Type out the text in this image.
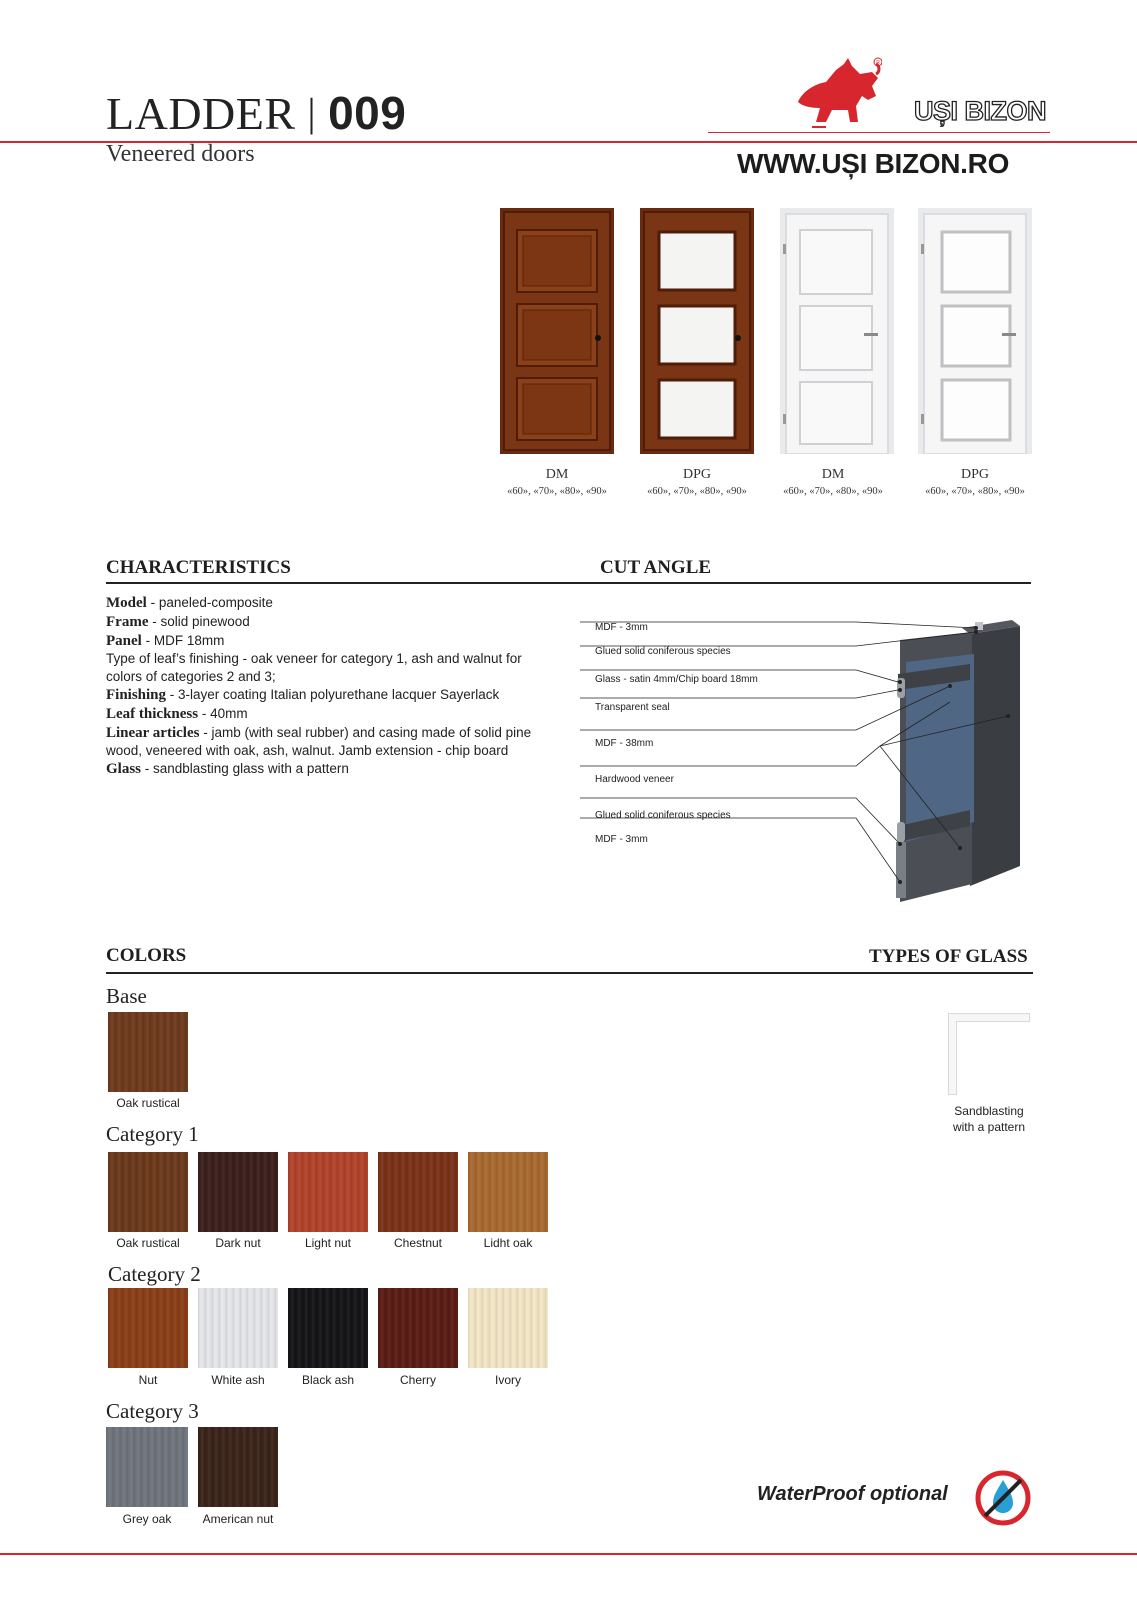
LADDER | 009
Veneered doors
R
UȘI BIZON
WWW.UȘI BIZON.RO
DM
«60», «70», «80», «90»
DPG
«60», «70», «80», «90»
DM
«60», «70», «80», «90»
DPG
«60», «70», «80», «90»
CHARACTERISTICS	CUT ANGLE

Model - paneled-composite

Frame - solid pinewood

Panel - MDF 18mm

Type of leaf’s finishing - oak veneer for category 1, ash and walnut for colors of categories 2 and 3;

Finishing - 3-layer coating Italian polyurethane lacquer Sayerlack

Leaf thickness - 40mm

Linear articles - jamb (with seal rubber) and casing made of solid pine wood, veneered with oak, ash, walnut. Jamb extension - chip board

Glass - sandblasting glass with a pattern

MDF - 3mm
Glued solid coniferous species
Glass - satin 4mm/Chip board 18mm
Transparent seal
MDF - 38mm
Hardwood veneer
Glued solid coniferous species
MDF - 3mm
COLORS	TYPES OF GLASS
Base
Oak rustical
Category 1
Oak rustical	Dark nut	Light nut	Chestnut	Lidht oak
Category 2
Nut	White ash	Black ash	Cherry	Ivory
Category 3
Grey oak	American nut
Sandblasting
with a pattern
WaterProof optional
